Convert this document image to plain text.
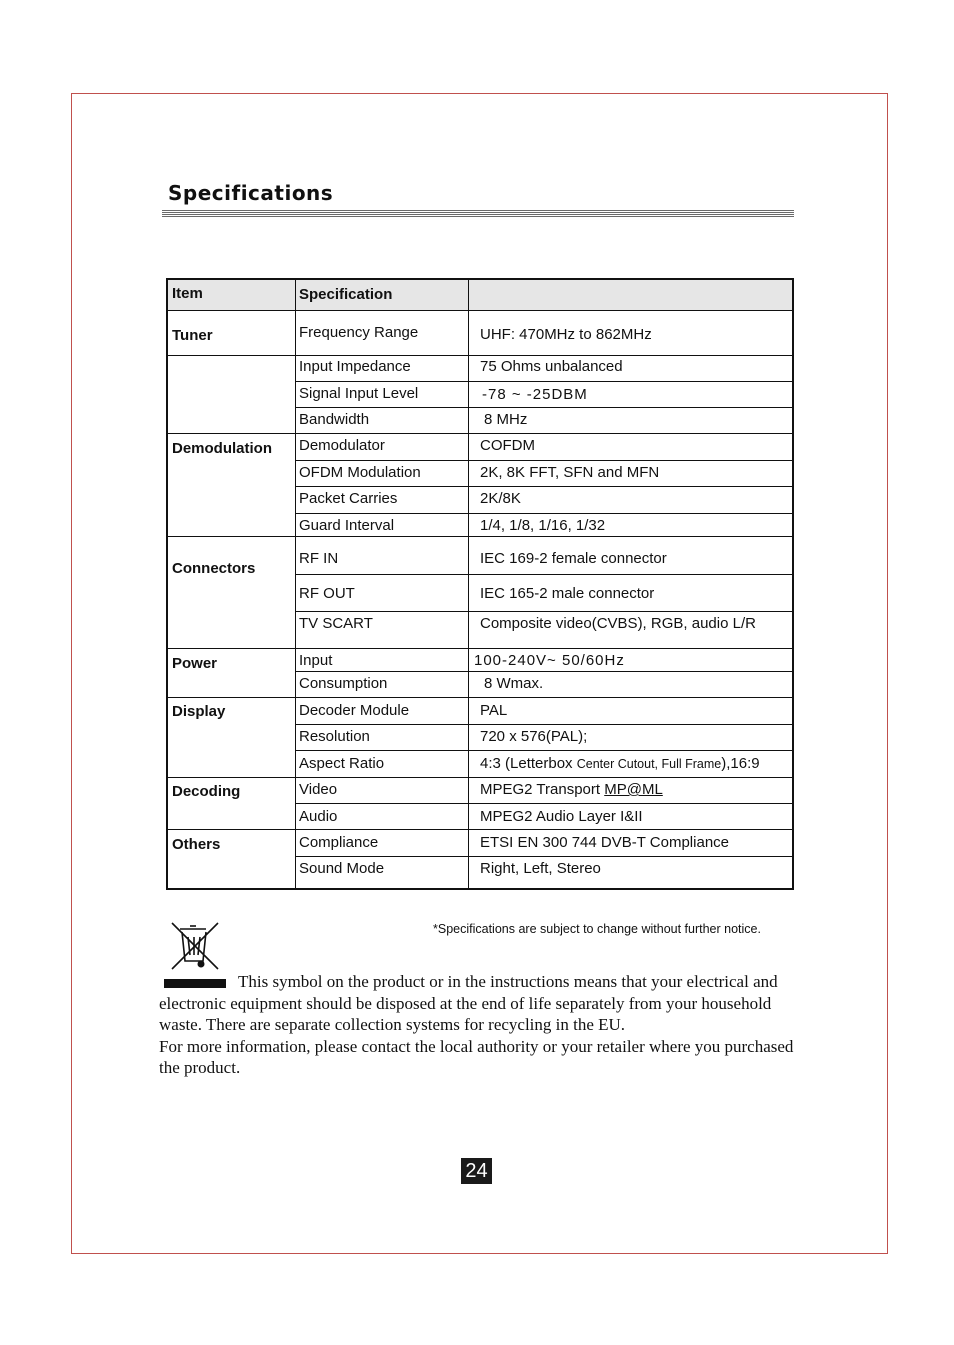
Specifications
Item	Specification
Tuner
Demodulation
Connectors
Power
Display
Decoding
Others
Frequency Range
Input Impedance
Signal Input Level
Bandwidth
Demodulator
OFDM Modulation
Packet Carries
Guard Interval
RF IN
RF OUT
TV SCART
Input
Consumption
Decoder Module
Resolution
Aspect Ratio
Video
Audio
Compliance
Sound Mode
UHF: 470MHz to 862MHz
75 Ohms unbalanced
-78 ~ -25DBM
8 MHz
COFDM
2K, 8K FFT, SFN and MFN
2K/8K
1/4, 1/8, 1/16, 1/32
IEC 169-2 female connector
IEC 165-2 male connector
Composite video(CVBS), RGB, audio L/R
100-240V~ 50/60Hz
8 Wmax.
PAL
720 x 576(PAL);
4:3 (Letterbox Center Cutout, Full Frame),16:9
MPEG2 Transport MP@ML
MPEG2 Audio Layer I&II
ETSI EN 300 744 DVB-T Compliance
Right, Left, Stereo
*Specifications are subject to change without further notice.
This symbol on the product or in the instructions means that your electrical and electronic equipment should be disposed at the end of life separately from your household waste. There are separate collection systems for recycling in the EU.
For more information, please contact the local authority or your retailer where you purchased the product.
24
